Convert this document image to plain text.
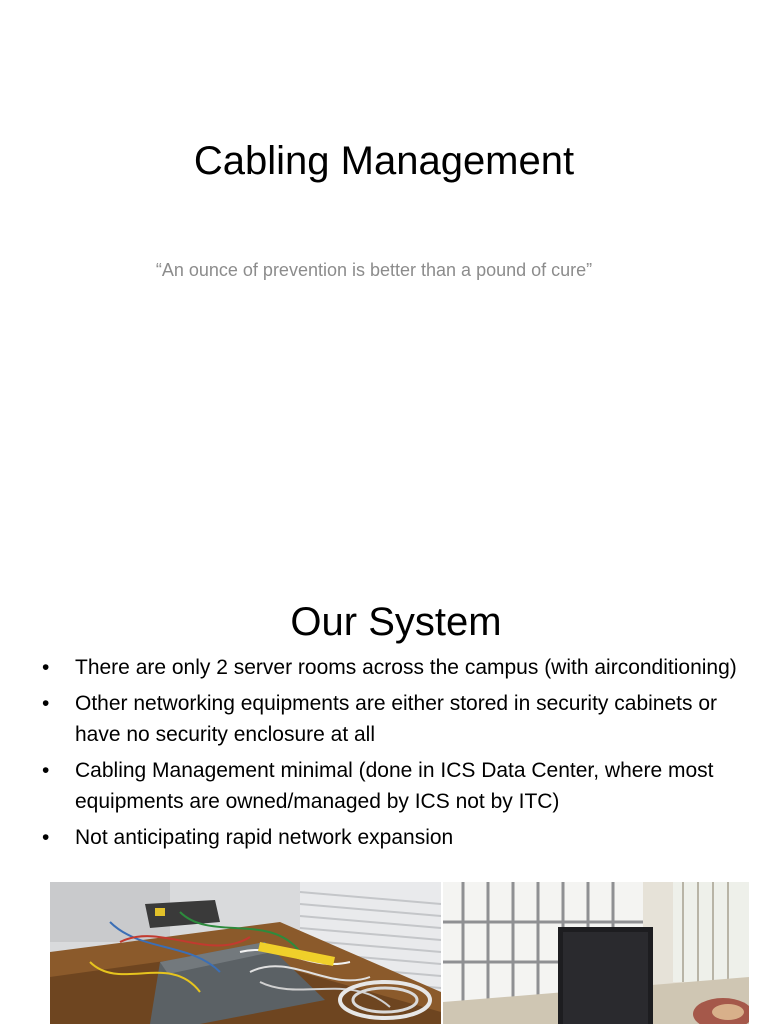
Cabling Management
“An ounce of prevention is better than a pound of cure”
Our System
• There are only 2 server rooms across the campus (with airconditioning)
• Other networking equipments are either stored in security cabinets or have no security enclosure at all
• Cabling Management minimal (done in ICS Data Center, where most equipments are owned/managed by ICS not by ITC)
• Not anticipating rapid network expansion
